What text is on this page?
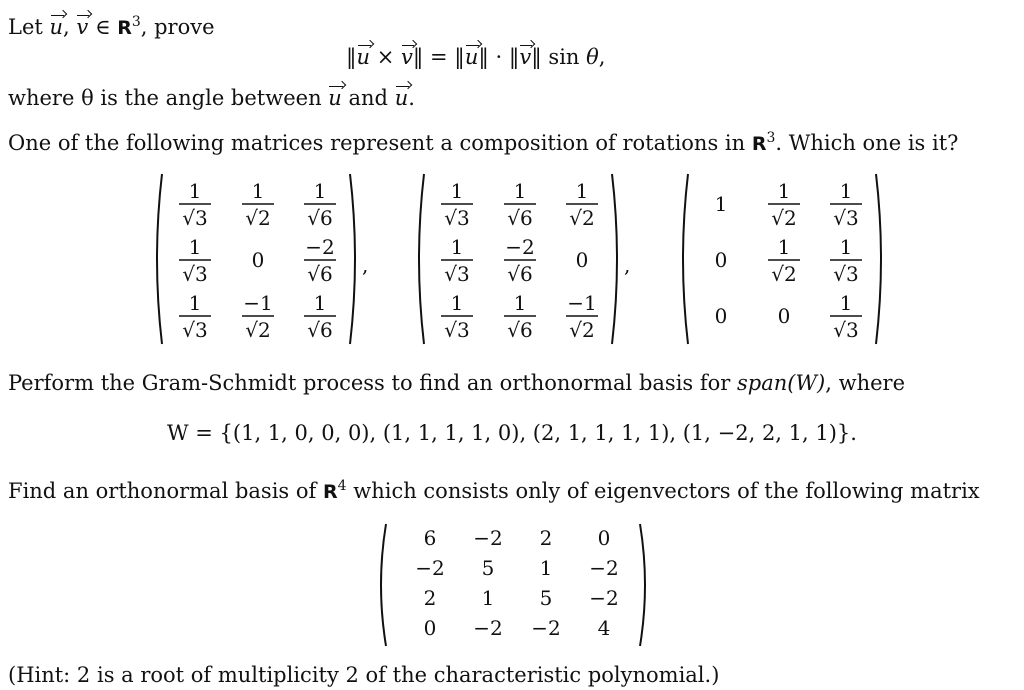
Let u, v ∈ $R^3$, prove
‖u × v‖ = ‖u‖ · ‖v‖ sin θ,
where θ is the angle between u and u.
One of the following matrices represent a composition of rotations in $R^3$. Which one is it?
1
√3
1
√2
1
√6
1
√3
0
−2
√6
1
√3
−1
√2
1
√6
,
1
√3
1
√6
1
√2
1
√3
−2
√6
0
1
√3
1
√6
−1
√2
,
1
1
√2
1
√3
0
1
√2
1
√3
0	0
1
√3
Perform the Gram-Schmidt process to find an orthonormal basis for span(W), where
W = {(1, 1, 0, 0, 0), (1, 1, 1, 1, 0), (2, 1, 1, 1, 1), (1, −2, 2, 1, 1)}.
Find an orthonormal basis of $R^4$ which consists only of eigenvectors of the following matrix
6 −2 2 0
−2 5 1 −2
2 1 5 −2
0 −2 −2 4
(Hint: 2 is a root of multiplicity 2 of the characteristic polynomial.)
